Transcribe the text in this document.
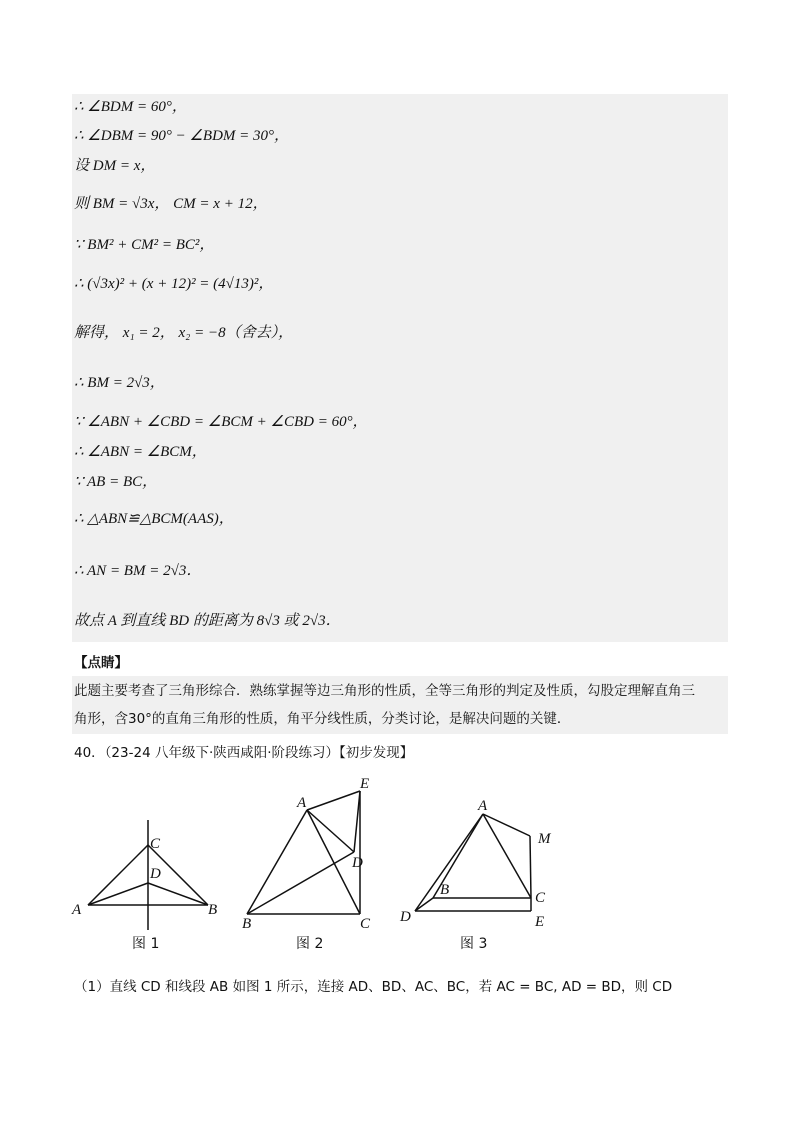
∴ ∠BDM = 60°，
∴ ∠DBM = 90° − ∠BDM = 30°，
设 DM = x，
则 BM = √3x， CM = x + 12，
∵ BM² + CM² = BC²，
∴ (√3x)² + (x + 12)² = (4√13)²，
解得， x₁ = 2， x₂ = −8（舍去），
∴ BM = 2√3，
∵ ∠ABN + ∠CBD = ∠BCM + ∠CBD = 60°，
∴ ∠ABN = ∠BCM，
∵ AB = BC，
∴ △ABN≌△BCM(AAS)，
∴ AN = BM = 2√3．
故点 A 到直线 BD 的距离为 8√3 或 2√3．
【点睛】
此题主要考查了三角形综合．熟练掌握等边三角形的性质，全等三角形的判定及性质，勾股定理解直角三
角形，含30°的直角三角形的性质，角平分线性质，分类讨论，是解决问题的关键．
40．（23-24 八年级下·陕西咸阳·阶段练习）【初步发现】
C
D
A	B
图 1
A
E
D
B	C
图 2
A
M
B	C
D	E
图 3
（1）直线 CD 和线段 AB 如图 1 所示，连接 AD、BD、AC、BC，若 AC = BC, AD = BD，则 CD
